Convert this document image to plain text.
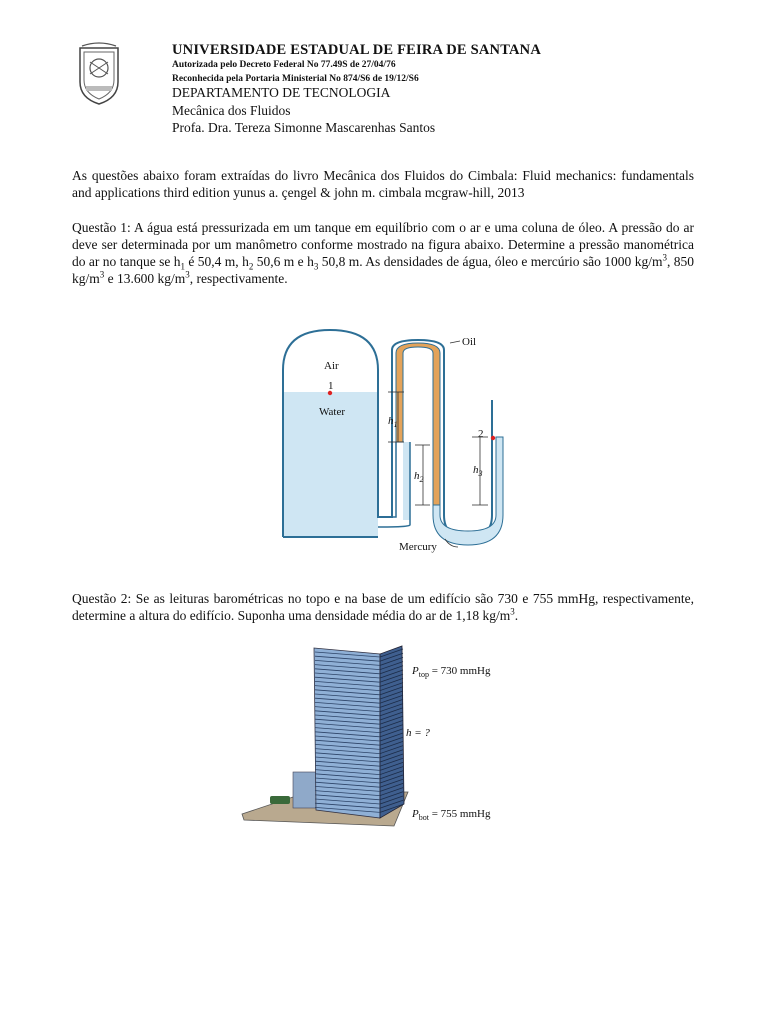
UNIVERSIDADE ESTADUAL DE FEIRA DE SANTANA
Autorizada pelo Decreto Federal No 77.49S de 27/04/76
Reconhecida pela Portaria Ministerial No 874/S6 de 19/12/S6
DEPARTAMENTO DE TECNOLOGIA
Mecânica dos Fluidos
Profa. Dra. Tereza Simonne Mascarenhas Santos
As questões abaixo foram extraídas do livro Mecânica dos Fluidos do Cimbala: Fluid mechanics: fundamentals and applications third edition yunus a. çengel & john m. cimbala mcgraw-hill, 2013
Questão 1: A água está pressurizada em um tanque em equilíbrio com o ar e uma coluna de óleo. A pressão do ar deve ser determinada por um manômetro conforme mostrado na figura abaixo. Determine a pressão manométrica do ar no tanque se $h_1$ é 50,4 m, $h_2$ 50,6 m e $h_3$ 50,8 m. As densidades de água, óleo e mercúrio são 1000 $kg/m^3$, 850 $kg/m^3$ e 13.600 $kg/m^3$, respectivamente.
Air
1
Water
Oil
Mercury
2
$h_1$
$h_2$
$h_3$
Questão 2: Se as leituras barométricas no topo e na base de um edifício são 730 e 755 mmHg, respectivamente, determine a altura do edifício. Suponha uma densidade média do ar de 1,18 $kg/m^3$.
$P_{top} = 730$ mmHg
h = ?
$P_{bot} = 755$ mmHg
